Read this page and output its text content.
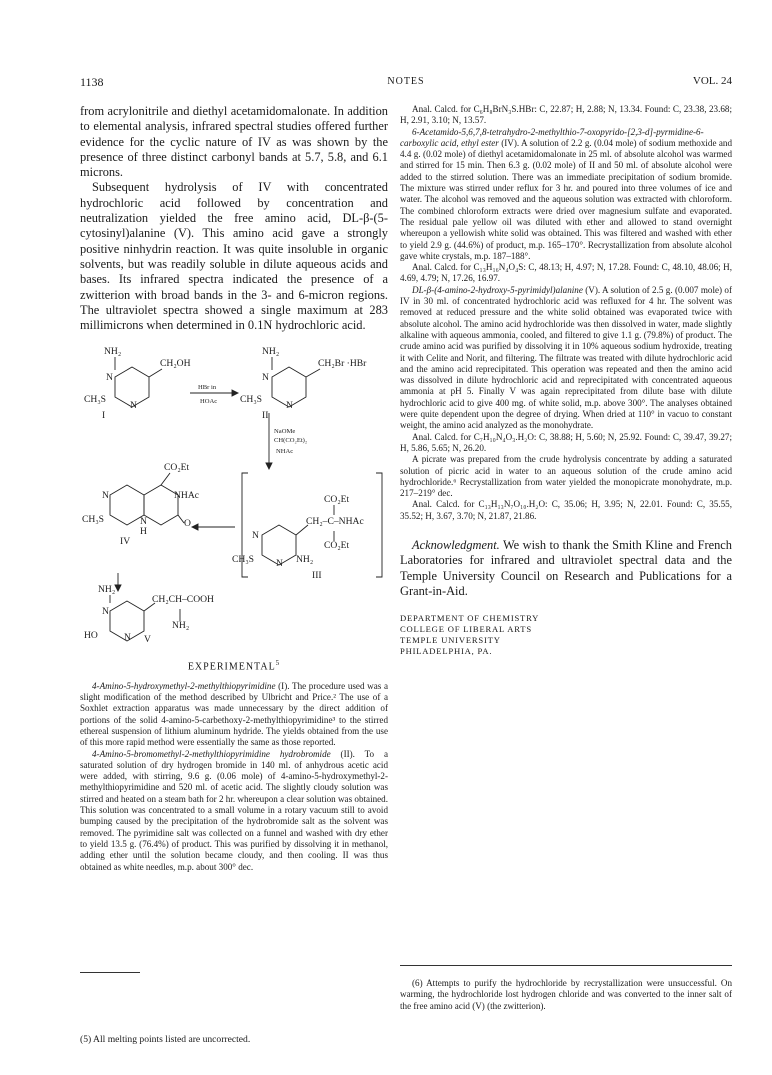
1138	NOTES	VOL. 24

from acrylonitrile and diethyl acetamidomalonate. In addition to elemental analysis, infrared spectral studies offered further evidence for the cyclic nature of IV as was shown by the presence of three distinct carbonyl bands at 5.7, 5.8, and 6.1 microns.

Subsequent hydrolysis of IV with concentrated hydrochloric acid followed by concentration and neutralization yielded the free amino acid, DL-β-(5-cytosinyl)alanine (V). This amino acid gave a strongly positive ninhydrin reaction. It was quite insoluble in organic solvents, but was readily soluble in dilute aqueous acids and bases. Its infrared spectra indicated the presence of a zwitterion with broad bands in the 3- and 6-micron regions. The ultraviolet spectra showed a single maximum at 283 millimicrons when determined in 0.1N hydrochloric acid.

NH₂
CH₂OH
N
CH₃S
N
I
HBr in
HOAc
NH₂
CH₂Br ·HBr
N
CH₃S
N
II
NaOMe
CH(CO₂Et)₂
NHAc
CO₂Et
CH₂–C–NHAc
CO₂Et
N
CH₃S N NH₂
III
CO₂Et
NHAc
N
CH₃S	N
H
O
IV
NH₂
CH₂CH–COOH
NH₂
N
HO	N V
EXPERIMENTAL$^5$

4-Amino-5-hydroxymethyl-2-methylthiopyrimidine (I). The procedure used was a slight modification of the method described by Ulbricht and Price.² The use of a Soxhlet extraction apparatus was made unnecessary by the direct addition of portions of the solid 4-amino-5-carbethoxy-2-methylthiopyrimidine³ to the stirred ethereal suspension of lithium aluminum hydride. The yields obtained from the use of this more rapid method were essentially the same as those reported.

4-Amino-5-bromomethyl-2-methylthiopyrimidine hydrobromide (II). To a saturated solution of dry hydrogen bromide in 140 ml. of anhydrous acetic acid were added, with stirring, 9.6 g. (0.06 mole) of 4-amino-5-hydroxymethyl-2-methylthiopyrimidine and 520 ml. of acetic acid. The slightly cloudy solution was stirred and heated on a steam bath for 2 hr. whereupon a clear solution was obtained. This solution was concentrated to a small volume in a rotary vacuum still to avoid bumping caused by the precipitation of the hydrobromide salt as the solvent was removed. The pyrimidine salt was collected on a funnel and washed with dry ether to yield 13.5 g. (76.4%) of product. This was purified by dissolving it in methanol, adding ether until the solution became cloudy, and then cooling. II was thus obtained as white needles, m.p. about 300° dec.

(5) All melting points listed are uncorrected.

Anal. Calcd. for C₆H₈BrN₃S.HBr: C, 22.87; H, 2.88; N, 13.34. Found: C, 23.38, 23.68; H, 2.91, 3.10; N, 13.57.

6-Acetamido-5,6,7,8-tetrahydro-2-methylthio-7-oxopyrido-[2,3-d]-pyrmidine-6-carboxylic acid, ethyl ester (IV). A solution of 2.2 g. (0.04 mole) of sodium methoxide and 4.4 g. (0.02 mole) of diethyl acetamidomalonate in 25 ml. of absolute alcohol was warmed and stirred for 15 min. Then 6.3 g. (0.02 mole) of II and 50 ml. of absolute alcohol were added to the stirred solution. There was an immediate precipitation of sodium bromide. The mixture was stirred under reflux for 3 hr. and poured into three volumes of ice and water. The alcohol was removed and the aqueous solution was extracted with chloroform. The combined chloroform extracts were dried over magnesium sulfate and evaporated. The residual pale yellow oil was diluted with ether and allowed to stand overnight whereupon a yellowish white solid was obtained. This was filtered and washed with ether to yield 2.9 g. (44.6%) of product, m.p. 165–170°. Recrystallization from absolute alcohol gave white crystals, m.p. 187–188°.

Anal. Calcd. for C₁₃H₁₆N₄O₄S: C, 48.13; H, 4.97; N, 17.28. Found: C, 48.10, 48.06; H, 4.69, 4.79; N, 17.26, 16.97.

DL-β-(4-amino-2-hydroxy-5-pyrimidyl)alanine (V). A solution of 2.5 g. (0.007 mole) of IV in 30 ml. of concentrated hydrochloric acid was refluxed for 4 hr. The solvent was removed at reduced pressure and the white solid obtained was evaporated twice with absolute alcohol. The amino acid hydrochloride was then dissolved in water, made slightly alkaline with aqueous ammonia, cooled, and filtered to give 1.1 g. (79.8%) of product. The crude amino acid was purified by dissolving it in 10% aqueous sodium hydroxide, treating it with Celite and Norit, and filtering. The filtrate was treated with dilute hydrochloric acid and the amino acid reprecipitated. This operation was repeated and then the amino acid was dissolved in dilute hydrochloric acid and reprecipitated with concentrated aqueous ammonia at pH 5. Finally V was again reprecipitated from dilute base with dilute hydrochloric acid to give 400 mg. of white solid, m.p. above 300°. The analyses obtained were quite dependent upon the degree of drying. When dried at 110° in vacuo to constant weight, the amino acid analyzed as the monohydrate.

Anal. Calcd. for C₇H₁₀N₄O₃.H₂O: C, 38.88; H, 5.60; N, 25.92. Found: C, 39.47, 39.27; H, 5.86, 5.65; N, 26.20.

A picrate was prepared from the crude hydrolysis concentrate by adding a saturated solution of picric acid in water to an aqueous solution of the crude amino acid hydrochloride.⁶ Recrystallization from water yielded the monopicrate monohydrate, m.p. 217–219° dec.

Anal. Calcd. for C₁₃H₁₃N₇O₁₀.H₂O: C, 35.06; H, 3.95; N, 22.01. Found: C, 35.55, 35.52; H, 3.67, 3.70; N, 21.87, 21.86.

Acknowledgment. We wish to thank the Smith Kline and French Laboratories for infrared and ultraviolet spectral data and the Temple University Council on Research and Publications for a Grant-in-Aid.

DEPARTMENT OF CHEMISTRY
COLLEGE OF LIBERAL ARTS
TEMPLE UNIVERSITY
PHILADELPHIA, PA.

(6) Attempts to purify the hydrochloride by recrystallization were unsuccessful. On warming, the hydrochloride lost hydrogen chloride and was converted to the inner salt of the free amino acid (V) (the zwitterion).
